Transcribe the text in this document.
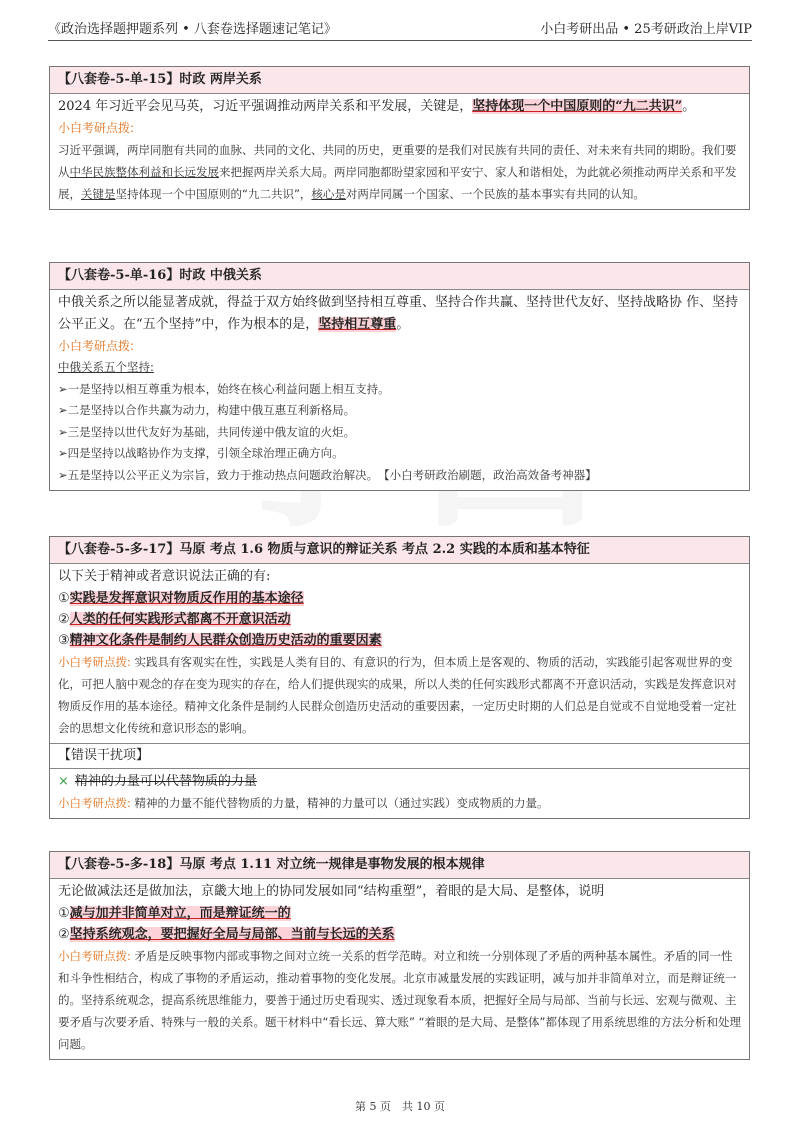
《政治选择题押题系列 • 八套卷选择题速记笔记》	小白考研出品 • 25考研政治上岸VIP
【八套卷-5-单-15】时政 两岸关系
2024 年习近平会见马英，习近平强调推动两岸关系和平发展，关键是，坚持体现一个中国原则的“九二共识”。
小白考研点拨:
习近平强调，两岸同胞有共同的血脉、共同的文化、共同的历史，更重要的是我们对民族有共同的责任、对未来有共同的期盼。我们要从中华民族整体利益和长远发展来把握两岸关系大局。两岸同胞都盼望家园和平安宁、家人和谐相处，为此就必须推动两岸关系和平发展，关键是坚持体现一个中国原则的“九二共识”，核心是对两岸同属一个国家、一个民族的基本事实有共同的认知。
【八套卷-5-单-16】时政 中俄关系
中俄关系之所以能显著成就，得益于双方始终做到坚持相互尊重、坚持合作共赢、坚持世代友好、坚持战略协 作、坚持公平正义。在“五个坚持”中，作为根本的是，坚持相互尊重。
小白考研点拨:
中俄关系五个坚持:
➢一是坚持以相互尊重为根本，始终在核心利益问题上相互支持。
➢二是坚持以合作共赢为动力，构建中俄互惠互利新格局。
➢三是坚持以世代友好为基础，共同传递中俄友谊的火炬。
➢四是坚持以战略协作为支撑，引领全球治理正确方向。
➢五是坚持以公平正义为宗旨，致力于推动热点问题政治解决。　 【小白考研政治刷题，政治高效备考神器】
【八套卷-5-多-17】马原 考点 1.6 物质与意识的辩证关系 考点 2.2 实践的本质和基本特征
以下关于精神或者意识说法正确的有:
①实践是发挥意识对物质反作用的基本途径
②人类的任何实践形式都离不开意识活动
③精神文化条件是制约人民群众创造历史活动的重要因素
小白考研点拨: 实践具有客观实在性，实践是人类有目的、有意识的行为，但本质上是客观的、物质的活动，实践能引起客观世界的变化，可把人脑中观念的存在变为现实的存在，给人们提供现实的成果，所以人类的任何实践形式都离不开意识活动，实践是发挥意识对物质反作用的基本途径。精神文化条件是制约人民群众创造历史活动的重要因素，一定历史时期的人们总是自觉或不自觉地受着一定社会的思想文化传统和意识形态的影响。
【错误干扰项】
× 精神的力量可以代替物质的力量
小白考研点拨: 精神的力量不能代替物质的力量，精神的力量可以（通过实践）变成物质的力量。
【八套卷-5-多-18】马原 考点 1.11 对立统一规律是事物发展的根本规律
无论做减法还是做加法，京畿大地上的协同发展如同“结构重塑”，着眼的是大局、是整体，说明
①减与加并非简单对立，而是辩证统一的
②坚持系统观念，要把握好全局与局部、当前与长远的关系
小白考研点拨: 矛盾是反映事物内部或事物之间对立统一关系的哲学范畴。对立和统一分别体现了矛盾的两种基本属性。矛盾的同一性和斗争性相结合，构成了事物的矛盾运动，推动着事物的变化发展。北京市减量发展的实践证明，减与加并非简单对立，而是辩证统一的。坚持系统观念，提高系统思维能力，要善于通过历史看现实、透过现象看本质，把握好全局与局部、当前与长远、宏观与微观、主要矛盾与次要矛盾、特殊与一般的关系。题干材料中“看长远、算大账” “着眼的是大局、是整体”都体现了用系统思维的方法分析和处理问题。
第 5 页　共 10 页
